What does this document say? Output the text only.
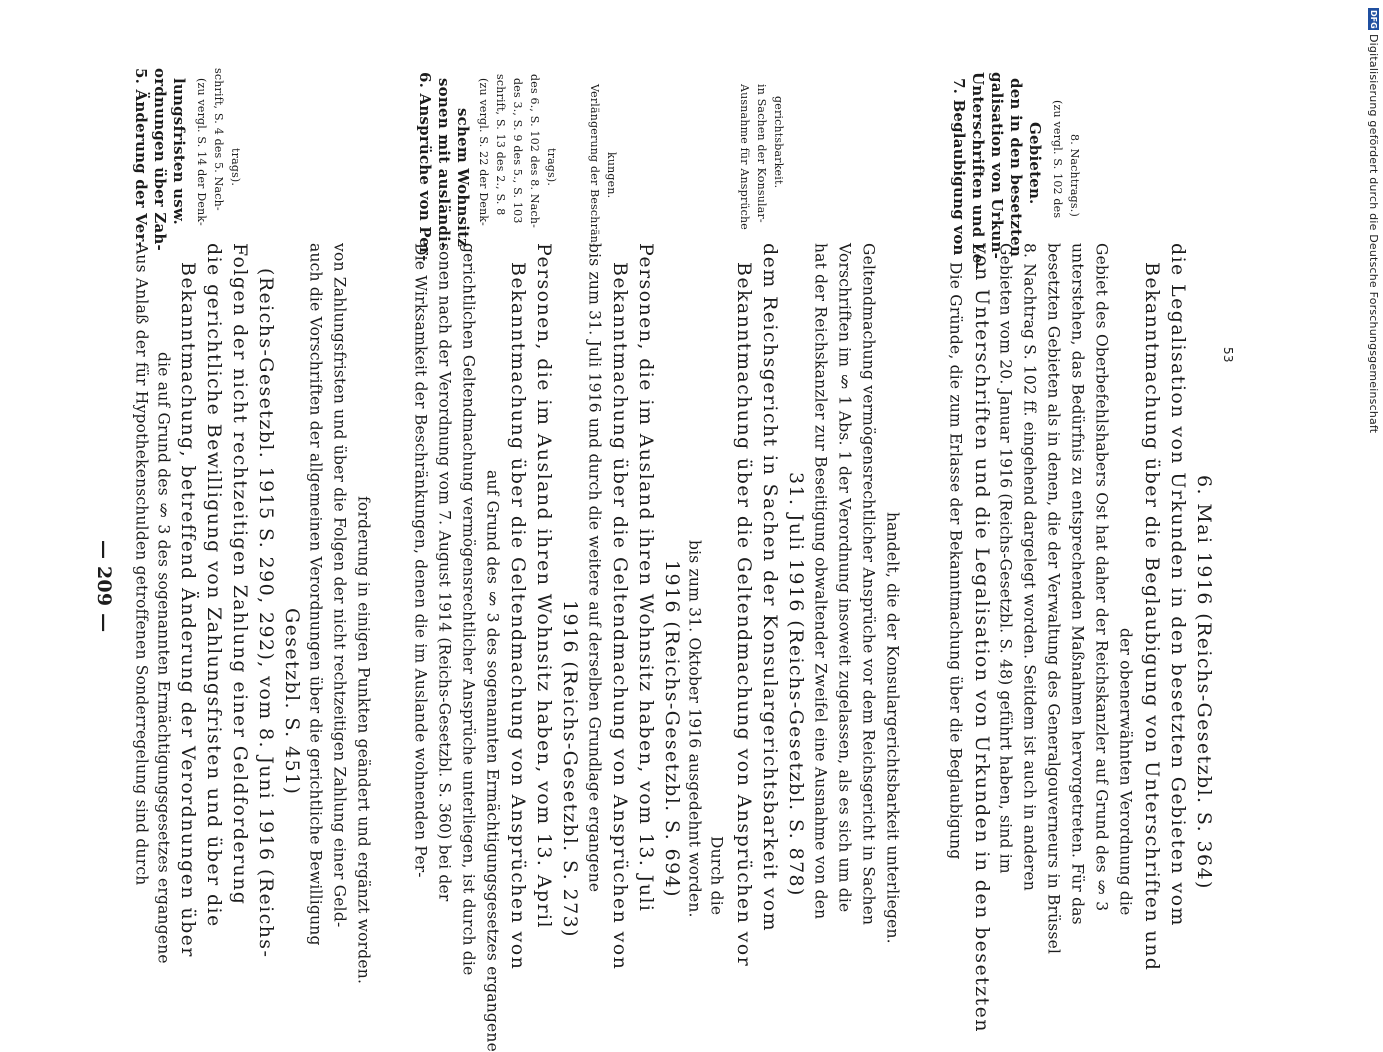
— 209 — Aus Anlaß der für Hypothekenschulden getroffenen Sonderregelung sind durch die auf Grund des § 3 des sogenannten Ermächtigungsgesetzes ergangene Bekanntmachung, betreffend Änderung der Verordnungen über die gerichtliche Bewilligung von Zahlungsfristen und über die Folgen der nicht rechtzeitigen Zahlung einer Geldforderung (Reichs-Gesetzbl. 1915 S. 290, 292), vom 8. Juni 1916 (Reichs- Gesetzbl. S. 451) auch die Vorschriften der allgemeinen Verordnungen über die gerichtliche Bewilligung von Zahlungsfristen und über die Folgen der nicht rechtzeitigen Zahlung einer Geld- forderung in einigen Punkten geändert und ergänzt worden.
5. Änderung der Ver- ordnungen über Zah- lungsfristen usw. (zu vergl. S. 14 der Denk- schrift, S. 4 des 5. Nach- trags).
Die Wirksamkeit der Beschränkungen, denen die im Auslande wohnenden Per- sonen nach der Verordnung vom 7. August 1914 (Reichs-Gesetzbl. S. 360) bei der gerichtlichen Geltendmachung vermögensrechtlicher Ansprüche unterliegen, ist durch die auf Grund des § 3 des sogenannten Ermächtigungsgesetzes ergangene Bekanntmachung über die Geltendmachung von Ansprüchen von Personen, die im Ausland ihren Wohnsitz haben, vom 13. April 1916 (Reichs-Gesetzbl. S. 273) bis zum 31. Juli 1916 und durch die weitere auf derselben Grundlage ergangene Bekanntmachung über die Geltendmachung von Ansprüchen von Personen, die im Ausland ihren Wohnsitz haben, vom 13. Juli 1916 (Reichs-Gesetzbl. S. 694) bis zum 31. Oktober 1916 ausgedehnt worden. Durch die Bekanntmachung über die Geltendmachung von Ansprüchen vor dem Reichsgericht in Sachen der Konsulargerichtsbarkeit vom 31. Juli 1916 (Reichs-Gesetzbl. S. 878) hat der Reichskanzler zur Beseitigung obwaltender Zweifel eine Ausnahme von den Vorschriften im § 1 Abs. 1 der Verordnung insoweit zugelassen, als es sich um die Geltendmachung vermögensrechtlicher Ansprüche vor dem Reichsgericht in Sachen handelt, die der Konsulargerichtsbarkeit unterliegen.
6. Ansprüche von Per- sonen mit ausländi- schem Wohnsitz (zu vergl. S. 22 der Denk- schrift, S. 13 des 2., S. 8 des 3., S. 9 des 5., S. 103 des 6., S. 102 des 8. Nach- trags).	Verlängerung der Beschrän- kungen.	Ausnahme für Ansprüche in Sachen der Konsular- gerichtsbarkeit.
Die Gründe, die zum Erlasse der Bekanntmachung über die Beglaubigung von Unterschriften und die Legalisation von Urkunden in den besetzten Gebieten vom 20. Januar 1916 (Reichs-Gesetzbl. S. 48) geführt haben, sind im 8. Nachtrag S. 102 ff. eingehend dargelegt worden. Seitdem ist auch in anderen besetzten Gebieten als in denen, die der Verwaltung des Generalgouverneurs in Brüssel unterstehen, das Bedürfnis zu entsprechenden Maßnahmen hervorgetreten. Für das Gebiet des Oberbefehlshabers Ost hat daher der Reichskanzler auf Grund des § 3 der obenerwähnten Verordnung die Bekanntmachung über die Beglaubigung von Unterschriften und die Legalisation von Urkunden in den besetzten Gebieten vom 6. Mai 1916 (Reichs-Gesetzbl. S. 364)
7. Beglaubigung von Unterschriften und Le- galisation von Urkun- den in den besetzten Gebieten. (zu vergl. S. 102 des 8. Nachtrags.)
53
DFG
Digitalisierung gefördert durch die Deutsche Forschungsgemeinschaft
